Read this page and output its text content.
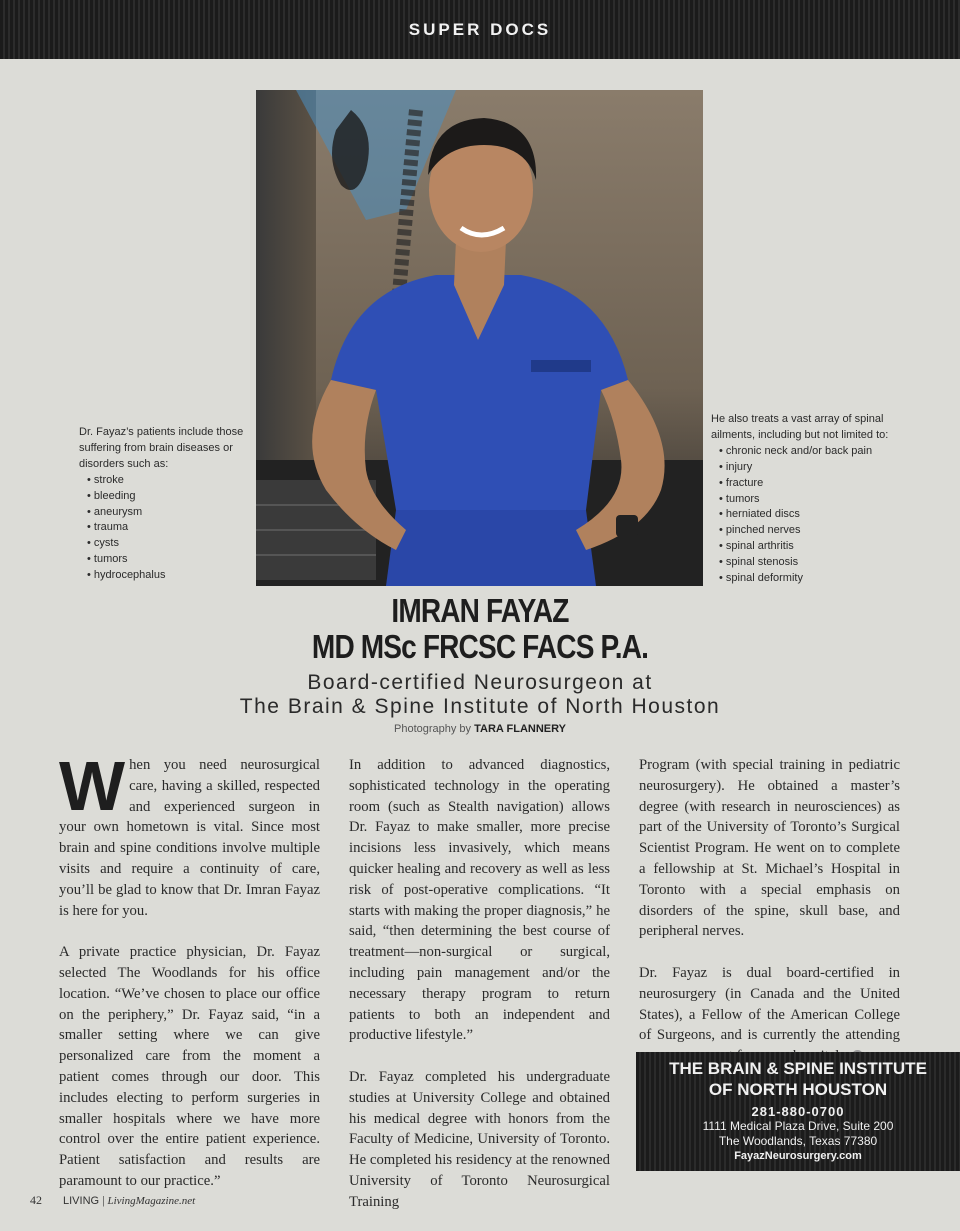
SUPER DOCS
Dr. Fayaz’s patients include those suffering from brain diseases or disorders such as:
• stroke
• bleeding
• aneurysm
• trauma
• cysts
• tumors
• hydrocephalus
He also treats a vast array of spinal ailments, including but not limited to:
• chronic neck and/or back pain
• injury
• fracture
• tumors
• herniated discs
• pinched nerves
• spinal arthritis
• spinal stenosis
• spinal deformity
IMRAN FAYAZ
MD MSc FRCSC FACS P.A.
Board-certified Neurosurgeon at
The Brain & Spine Institute of North Houston
Photography by TARA FLANNERY

When you need neurosurgical care, having a skilled, respected and experienced surgeon in your own hometown is vital. Since most brain and spine conditions involve multiple visits and require a continuity of care, you’ll be glad to know that Dr. Imran Fayaz is here for you.

A private practice physician, Dr. Fayaz selected The Woodlands for his office location. “We’ve chosen to place our office on the periphery,” Dr. Fayaz said, “in a smaller setting where we can give personalized care from the moment a patient comes through our door. This includes electing to perform surgeries in smaller hospitals where we have more control over the entire patient experience. Patient satisfaction and results are paramount to our practice.”

In addition to advanced diagnostics, sophisticated technology in the operating room (such as Stealth navigation) allows Dr. Fayaz to make smaller, more precise incisions less invasively, which means quicker healing and recovery as well as less risk of post-operative complications. “It starts with making the proper diagnosis,” he said, “then determining the best course of treatment—non-surgical or surgical, including pain management and/or the necessary therapy program to return patients to both an independent and productive lifestyle.”

Dr. Fayaz completed his undergraduate studies at University College and obtained his medical degree with honors from the Faculty of Medicine, University of Toronto. He completed his residency at the renowned University of Toronto Neurosurgical Training

Program (with special training in pediatric neurosurgery). He obtained a master’s degree (with research in neurosciences) as part of the University of Toronto’s Surgical Scientist Program. He went on to complete a fellowship at St. Michael’s Hospital in Toronto with a special emphasis on disorders of the spine, skull base, and peripheral nerves.

Dr. Fayaz is dual board-certified in neurosurgery (in Canada and the United States), a Fellow of the American College of Surgeons, and is currently the attending

THE BRAIN & SPINE INSTITUTE
OF NORTH HOUSTON
281-880-0700
1111 Medical Plaza Drive, Suite 200
The Woodlands, Texas 77380
FayazNeurosurgery.com
42 LIVING | LivingMagazine.net
